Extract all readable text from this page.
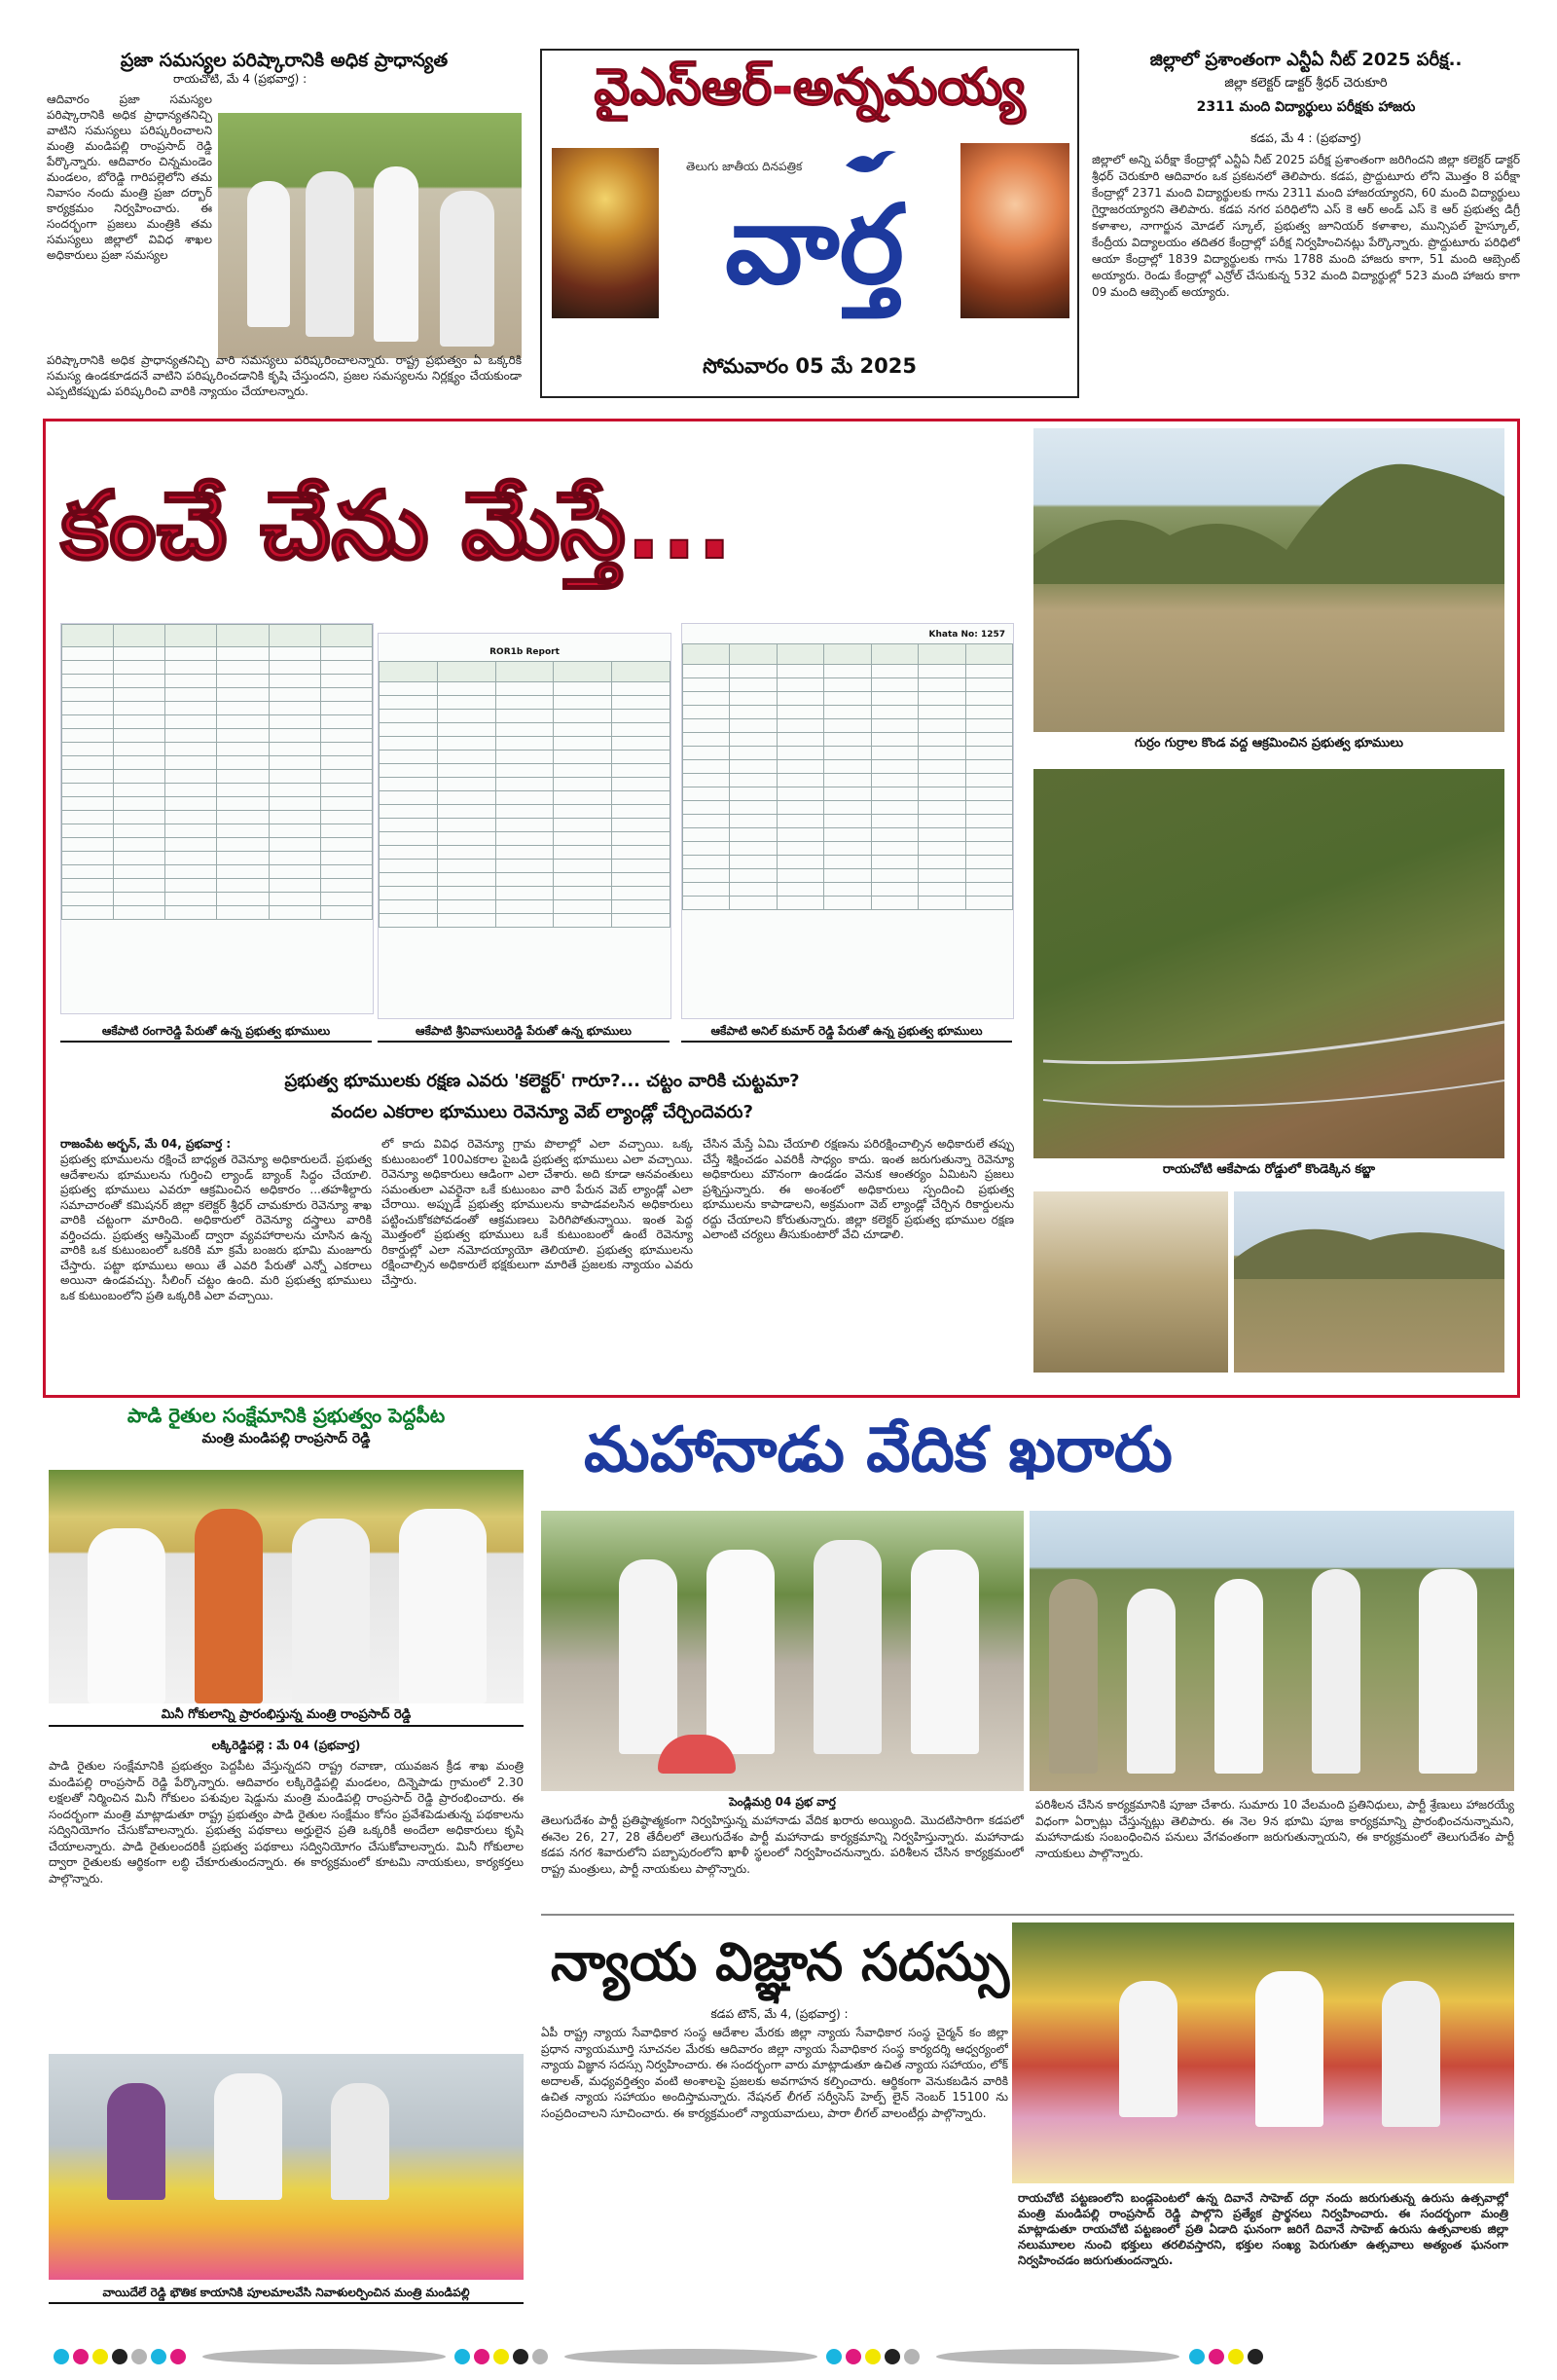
ప్రజా సమస్యల పరిష్కారానికి అధిక ప్రాధాన్యత
రాయచోటి, మే 4 (ప్రభవార్త) :
ఆదివారం ప్రజా సమస్యల పరిష్కారానికి అధిక ప్రాధాన్యతనిచ్చి వాటిని సమస్యలు పరిష్కరించాలని మంత్రి మండిపల్లి రాంప్రసాద్ రెడ్డి పేర్కొన్నారు. ఆదివారం చిన్నమండెం మండలం, బోరెడ్డి గారిపల్లెలోని తమ నివాసం నందు మంత్రి ప్రజా దర్బార్ కార్యక్రమం నిర్వహించారు. ఈ సందర్భంగా ప్రజలు మంత్రికి తమ సమస్యలు జిల్లాలో వివిధ శాఖల అధికారులు ప్రజా సమస్యల
పరిష్కారానికి అధిక ప్రాధాన్యతనిచ్చి వారి సమస్యలు పరిష్కరించాలన్నారు. రాష్ట్ర ప్రభుత్వం ఏ ఒక్కరికి సమస్య ఉండకూడదనే వాటిని పరిష్కరించడానికి కృషి చేస్తుందని, ప్రజల సమస్యలను నిర్లక్ష్యం చేయకుండా ఎప్పటికప్పుడు పరిష్కరించి వారికి న్యాయం చేయాలన్నారు.
వైఎస్ఆర్-అన్నమయ్య
తెలుగు జాతీయ దినపత్రిక
వార్త
సోమవారం 05 మే 2025
జిల్లాలో ప్రశాంతంగా ఎన్టీఏ నీట్ 2025 పరీక్ష..
జిల్లా కలెక్టర్ డాక్టర్ శ్రీధర్ చెరుకూరి
2311 మంది విద్యార్థులు పరీక్షకు హాజరు
కడప, మే 4 : (ప్రభవార్త)
జిల్లాలో అన్ని పరీక్షా కేంద్రాల్లో ఎన్టీఏ నీట్ 2025 పరీక్ష ప్రశాంతంగా జరిగిందని జిల్లా కలెక్టర్ డాక్టర్ శ్రీధర్ చెరుకూరి ఆదివారం ఒక ప్రకటనలో తెలిపారు. కడప, ప్రొద్దుటూరు లోని మొత్తం 8 పరీక్షా కేంద్రాల్లో 2371 మంది విద్యార్థులకు గాను 2311 మంది హాజరయ్యారని, 60 మంది విద్యార్థులు గైర్హాజరయ్యారని తెలిపారు. కడప నగర పరిధిలోని ఎస్ కె ఆర్ అండ్ ఎస్ కె ఆర్ ప్రభుత్వ డిగ్రీ కళాశాల, నాగార్జున మోడల్ స్కూల్, ప్రభుత్వ జూనియర్ కళాశాల, మున్సిపల్ హైస్కూల్, కేంద్రీయ విద్యాలయం తదితర కేంద్రాల్లో పరీక్ష నిర్వహించినట్లు పేర్కొన్నారు. ప్రొద్దుటూరు పరిధిలో ఆయా కేంద్రాల్లో 1839 విద్యార్థులకు గాను 1788 మంది హాజరు కాగా, 51 మంది ఆబ్సెంట్ అయ్యారు. రెండు కేంద్రాల్లో ఎన్రోల్ చేసుకున్న 532 మంది విద్యార్థుల్లో 523 మంది హాజరు కాగా 09 మంది ఆబ్సెంట్ అయ్యారు.
కంచే చేను మేస్తే...

ROR1b Report

Khata No: 1257

ఆకేపాటి రంగారెడ్డి పేరుతో ఉన్న ప్రభుత్వ భూములు	ఆకేపాటి శ్రీనివాసులురెడ్డి పేరుతో ఉన్న భూములు	ఆకేపాటి అనిల్ కుమార్ రెడ్డి పేరుతో ఉన్న ప్రభుత్వ భూములు
ప్రభుత్వ భూములకు రక్షణ ఎవరు 'కలెక్టర్' గారూ?... చట్టం వారికి చుట్టమా?
వందల ఎకరాల భూములు రెవెన్యూ వెబ్ ల్యాండ్లో చేర్చిందెవరు?
రాజంపేట అర్బన్, మే 04, ప్రభవార్త :
ప్రభుత్వ భూములను రక్షించే బాధ్యత రెవెన్యూ అధికారులదే. ప్రభుత్వ ఆదేశాలను భూములను గుర్తించి ల్యాండ్ బ్యాంక్ సిద్ధం చేయాలి. ప్రభుత్వ భూములు ఎవరూ ఆక్రమించిన అధికారం ...తహశీల్దారు సమాచారంతో కమిషనర్ జిల్లా కలెక్టర్ శ్రీధర్ చామకూరు రెవెన్యూ శాఖ వారికి చట్టంగా మారింది. అధికారులో రెవెన్యూ దస్త్రాలు వారికి వర్తించదు. ప్రభుత్వ ఆస్తిమెంట్ ద్వారా వ్యవహారాలను చూసిన ఉన్న వారికి ఒక కుటుంబంలో ఒకరికి మా క్రమే బంజరు భూమి మంజూరు చేస్తారు. పట్టా భూములు అయి తే ఎవరి పేరుతో ఎన్నో ఎకరాలు అయినా ఉండవచ్చు. సీలింగ్ చట్టం ఉంది. మరి ప్రభుత్వ భూములు ఒక కుటుంబంలోని ప్రతి ఒక్కరికి ఎలా వచ్చాయి.
లో కాదు వివిధ రెవెన్యూ గ్రామ పొలాల్లో ఎలా వచ్చాయి. ఒక్క కుటుంబంలో 100ఎకరాల పైబడి ప్రభుత్వ భూములు ఎలా వచ్చాయి. రెవెన్యూ అధికారులు ఆడింగా ఎలా చేశారు. అది కూడా ఆనవంతులు సమంతులా ఎవరైనా ఒకే కుటుంబం వారి పేరున వెబ్ ల్యాండ్లో ఎలా చేరాయి. అప్పుడే ప్రభుత్వ భూములను కాపాడవలసిన అధికారులు పట్టించుకోకపోవడంతో ఆక్రమణలు పెరిగిపోతున్నాయి. ఇంత పెద్ద మొత్తంలో ప్రభుత్వ భూములు ఒకే కుటుంబంలో ఉంటే రెవెన్యూ రికార్డుల్లో ఎలా నమోదయ్యాయో తెలియాలి. ప్రభుత్వ భూములను రక్షించాల్సిన అధికారులే భక్షకులుగా మారితే ప్రజలకు న్యాయం ఎవరు చేస్తారు.
చేసిన మేస్తే ఏమి చేయాలి రక్షణను పరిరక్షించాల్సిన అధికారులే తప్పు చేస్తే శిక్షించడం ఎవరికీ సాధ్యం కాదు. ఇంత జరుగుతున్నా రెవెన్యూ అధికారులు మౌనంగా ఉండడం వెనుక ఆంతర్యం ఏమిటని ప్రజలు ప్రశ్నిస్తున్నారు. ఈ అంశంలో అధికారులు స్పందించి ప్రభుత్వ భూములను కాపాడాలని, అక్రమంగా వెబ్ ల్యాండ్లో చేర్చిన రికార్డులను రద్దు చేయాలని కోరుతున్నారు. జిల్లా కలెక్టర్ ప్రభుత్వ భూముల రక్షణ ఎలాంటి చర్యలు తీసుకుంటారో వేచి చూడాలి.
గుర్రం గుర్రాల కొండ వద్ద ఆక్రమించిన ప్రభుత్వ భూములు
రాయచోటి ఆకేపాడు రోడ్డులో కొండెక్కిన కబ్జా
పాడి రైతుల సంక్షేమానికి ప్రభుత్వం పెద్దపీట
మంత్రి మండిపల్లి రాంప్రసాద్ రెడ్డి
మినీ గోకులాన్ని ప్రారంభిస్తున్న మంత్రి రాంప్రసాద్ రెడ్డి
లక్కిరెడ్డిపల్లె : మే 04 (ప్రభవార్త)
పాడి రైతుల సంక్షేమానికి ప్రభుత్వం పెద్దపీట వేస్తున్నదని రాష్ట్ర రవాణా, యువజన క్రీడ శాఖ మంత్రి మండిపల్లి రాంప్రసాద్ రెడ్డి పేర్కొన్నారు. ఆదివారం లక్కిరెడ్డిపల్లి మండలం, దిన్నెపాడు గ్రామంలో 2.30 లక్షలతో నిర్మించిన మినీ గోకులం పశువుల షెడ్డును మంత్రి మండిపల్లి రాంప్రసాద్ రెడ్డి ప్రారంభించారు. ఈ సందర్భంగా మంత్రి మాట్లాడుతూ రాష్ట్ర ప్రభుత్వం పాడి రైతుల సంక్షేమం కోసం ప్రవేశపెడుతున్న పథకాలను సద్వినియోగం చేసుకోవాలన్నారు. ప్రభుత్వ పథకాలు అర్హులైన ప్రతి ఒక్కరికీ అందేలా అధికారులు కృషి చేయాలన్నారు. పాడి రైతులందరికీ ప్రభుత్వ పథకాలు సద్వినియోగం చేసుకోవాలన్నారు. మినీ గోకులాల ద్వారా రైతులకు ఆర్థికంగా లబ్ధి చేకూరుతుందన్నారు. ఈ కార్యక్రమంలో కూటమి నాయకులు, కార్యకర్తలు పాల్గొన్నారు.
వాయిదేలే రెడ్డి భౌతిక కాయానికి పూలమాలవేసి నివాళులర్పించిన మంత్రి మండిపల్లి
మహానాడు వేదిక ఖరారు
పెండ్లిమర్రి 04 ప్రభ వార్త
తెలుగుదేశం పార్టీ ప్రతిష్ఠాత్మకంగా నిర్వహిస్తున్న మహానాడు వేదిక ఖరారు అయ్యింది. మొదటిసారిగా కడపలో ఈనెల 26, 27, 28 తేదీలలో తెలుగుదేశం పార్టీ మహానాడు కార్యక్రమాన్ని నిర్వహిస్తున్నారు. మహానాడు కడప నగర శివారులోని పబ్బాపురంలోని ఖాళీ స్థలంలో నిర్వహించనున్నారు. పరిశీలన చేసిన కార్యక్రమంలో రాష్ట్ర మంత్రులు, పార్టీ నాయకులు పాల్గొన్నారు.
పరిశీలన చేసిన కార్యక్రమానికి పూజా చేశారు. సుమారు 10 వేలమంది ప్రతినిధులు, పార్టీ శ్రేణులు హాజరయ్యే విధంగా ఏర్పాట్లు చేస్తున్నట్లు తెలిపారు. ఈ నెల 9న భూమి పూజ కార్యక్రమాన్ని ప్రారంభించనున్నామని, మహానాడుకు సంబంధించిన పనులు వేగవంతంగా జరుగుతున్నాయని, ఈ కార్యక్రమంలో తెలుగుదేశం పార్టీ నాయకులు పాల్గొన్నారు.
న్యాయ విజ్ఞాన సదస్సు
కడప టౌన్, మే 4, (ప్రభవార్త) :
ఏపీ రాష్ట్ర న్యాయ సేవాధికార సంస్థ ఆదేశాల మేరకు జిల్లా న్యాయ సేవాధికార సంస్థ చైర్మన్ కం జిల్లా ప్రధాన న్యాయమూర్తి సూచనల మేరకు ఆదివారం జిల్లా న్యాయ సేవాధికార సంస్థ కార్యదర్శి ఆధ్వర్యంలో న్యాయ విజ్ఞాన సదస్సు నిర్వహించారు. ఈ సందర్భంగా వారు మాట్లాడుతూ ఉచిత న్యాయ సహాయం, లోక్ అదాలత్, మధ్యవర్తిత్వం వంటి అంశాలపై ప్రజలకు అవగాహన కల్పించారు. ఆర్థికంగా వెనుకబడిన వారికి ఉచిత న్యాయ సహాయం అందిస్తామన్నారు. నేషనల్ లీగల్ సర్వీసెస్ హెల్ప్ లైన్ నెంబర్ 15100 ను సంప్రదించాలని సూచించారు. ఈ కార్యక్రమంలో న్యాయవాదులు, పారా లీగల్ వాలంటీర్లు పాల్గొన్నారు.
రాయచోటి పట్టణంలోని బండ్లపెంటలో ఉన్న దివానే సాహెబ్ దర్గా నందు జరుగుతున్న ఉరుసు ఉత్సవాల్లో మంత్రి మండిపల్లి రాంప్రసాద్ రెడ్డి పాల్గొని ప్రత్యేక ప్రార్థనలు నిర్వహించారు. ఈ సందర్భంగా మంత్రి మాట్లాడుతూ రాయచోటి పట్టణంలో ప్రతి ఏడాది ఘనంగా జరిగే దివానే సాహెబ్ ఉరుసు ఉత్సవాలకు జిల్లా నలుమూలల నుంచి భక్తులు తరలివస్తారని, భక్తుల సంఖ్య పెరుగుతూ ఉత్సవాలు అత్యంత ఘనంగా నిర్వహించడం జరుగుతుందన్నారు.
